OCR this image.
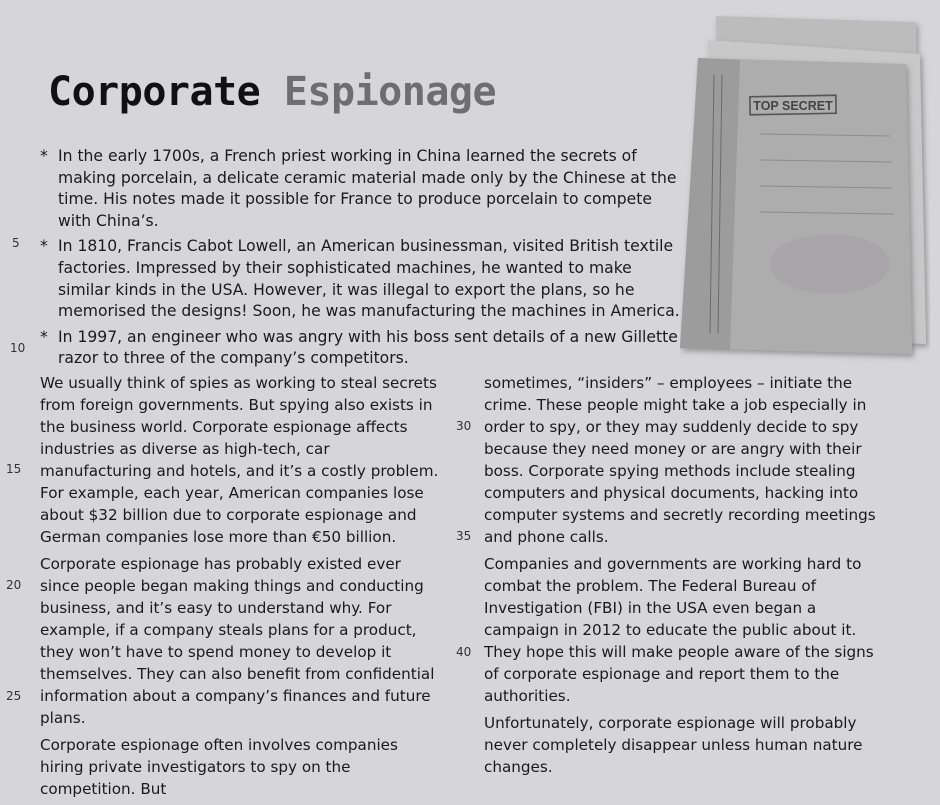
Corporate Espionage	TOP SECRET
* In the early 1700s, a French priest working in China learned the secrets of making porcelain, a delicate ceramic material made only by the Chinese at the time. His notes made it possible for France to produce porcelain to compete with China’s.
* In 1810, Francis Cabot Lowell, an American businessman, visited British textile factories. Impressed by their sophisticated machines, he wanted to make similar kinds in the USA. However, it was illegal to export the plans, so he memorised the designs! Soon, he was manufacturing the machines in America.
* In 1997, an engineer who was angry with his boss sent details of a new Gillette razor to three of the company’s competitors.
5
10
15
20
25
30
35
40

We usually think of spies as working to steal secrets from foreign governments. But spying also exists in the business world. Corporate espionage affects industries as diverse as high-tech, car manufacturing and hotels, and it’s a costly problem. For example, each year, American companies lose about $32 billion due to corporate espionage and German companies lose more than €50 billion.

Corporate espionage has probably existed ever since people began making things and conducting business, and it’s easy to understand why. For example, if a company steals plans for a product, they won’t have to spend money to develop it themselves. They can also benefit from confidential information about a company’s finances and future plans.

Corporate espionage often involves companies hiring private investigators to spy on the competition. But

sometimes, “insiders” – employees – initiate the crime. These people might take a job especially in order to spy, or they may suddenly decide to spy because they need money or are angry with their boss. Corporate spying methods include stealing computers and physical documents, hacking into computer systems and secretly recording meetings and phone calls.

Companies and governments are working hard to combat the problem. The Federal Bureau of Investigation (FBI) in the USA even began a campaign in 2012 to educate the public about it. They hope this will make people aware of the signs of corporate espionage and report them to the authorities.

Unfortunately, corporate espionage will probably never completely disappear unless human nature changes.
